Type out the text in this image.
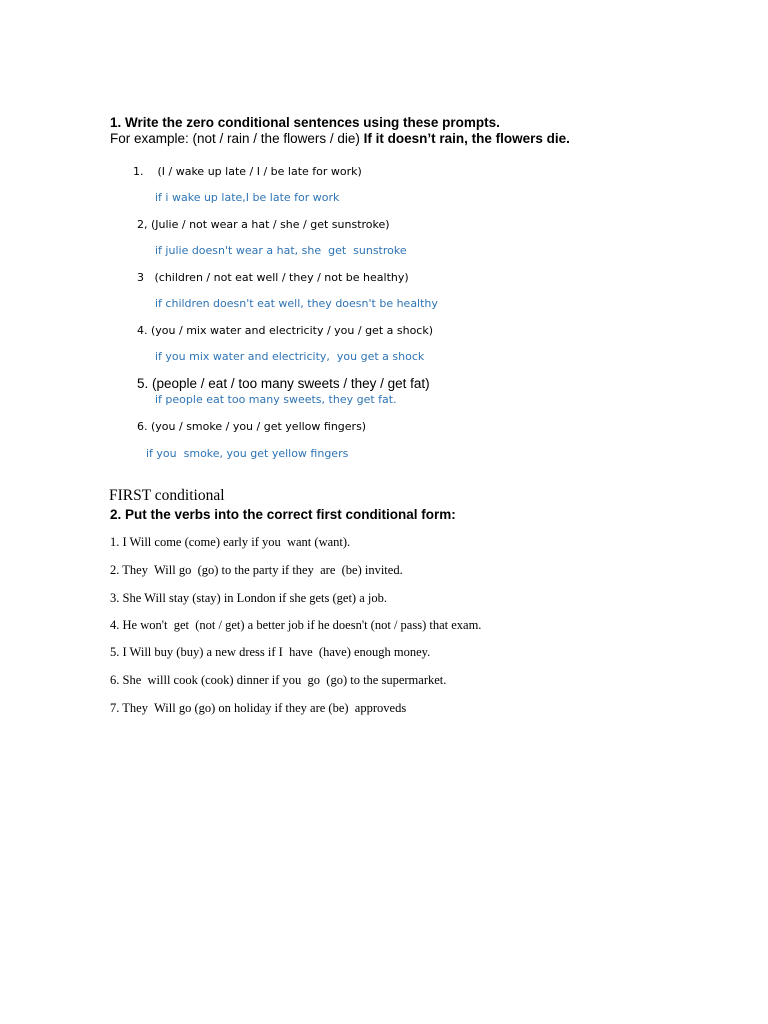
1. Write the zero conditional sentences using these prompts.
For example: (not / rain / the flowers / die) If it doesn’t rain, the flowers die.
1.    (I / wake up late / I / be late for work)
if i wake up late,I be late for work
2, (Julie / not wear a hat / she / get sunstroke)
if julie doesn't wear a hat, she  get  sunstroke
3   (children / not eat well / they / not be healthy)
if children doesn't eat well, they doesn't be healthy
4. (you / mix water and electricity / you / get a shock)
if you mix water and electricity,  you get a shock
5. (people / eat / too many sweets / they / get fat)
if people eat too many sweets, they get fat.
6. (you / smoke / you / get yellow fingers)
if you  smoke, you get yellow fingers
FIRST conditional
2. Put the verbs into the correct first conditional form:
1. I Will come (come) early if you  want (want).
2. They  Will go  (go) to the party if they  are  (be) invited.
3. She Will stay (stay) in London if she gets (get) a job.
4. He won't  get  (not / get) a better job if he doesn't (not / pass) that exam.
5. I Will buy (buy) a new dress if I  have  (have) enough money.
6. She  willl cook (cook) dinner if you  go  (go) to the supermarket.
7. They  Will go (go) on holiday if they are (be)  approveds
